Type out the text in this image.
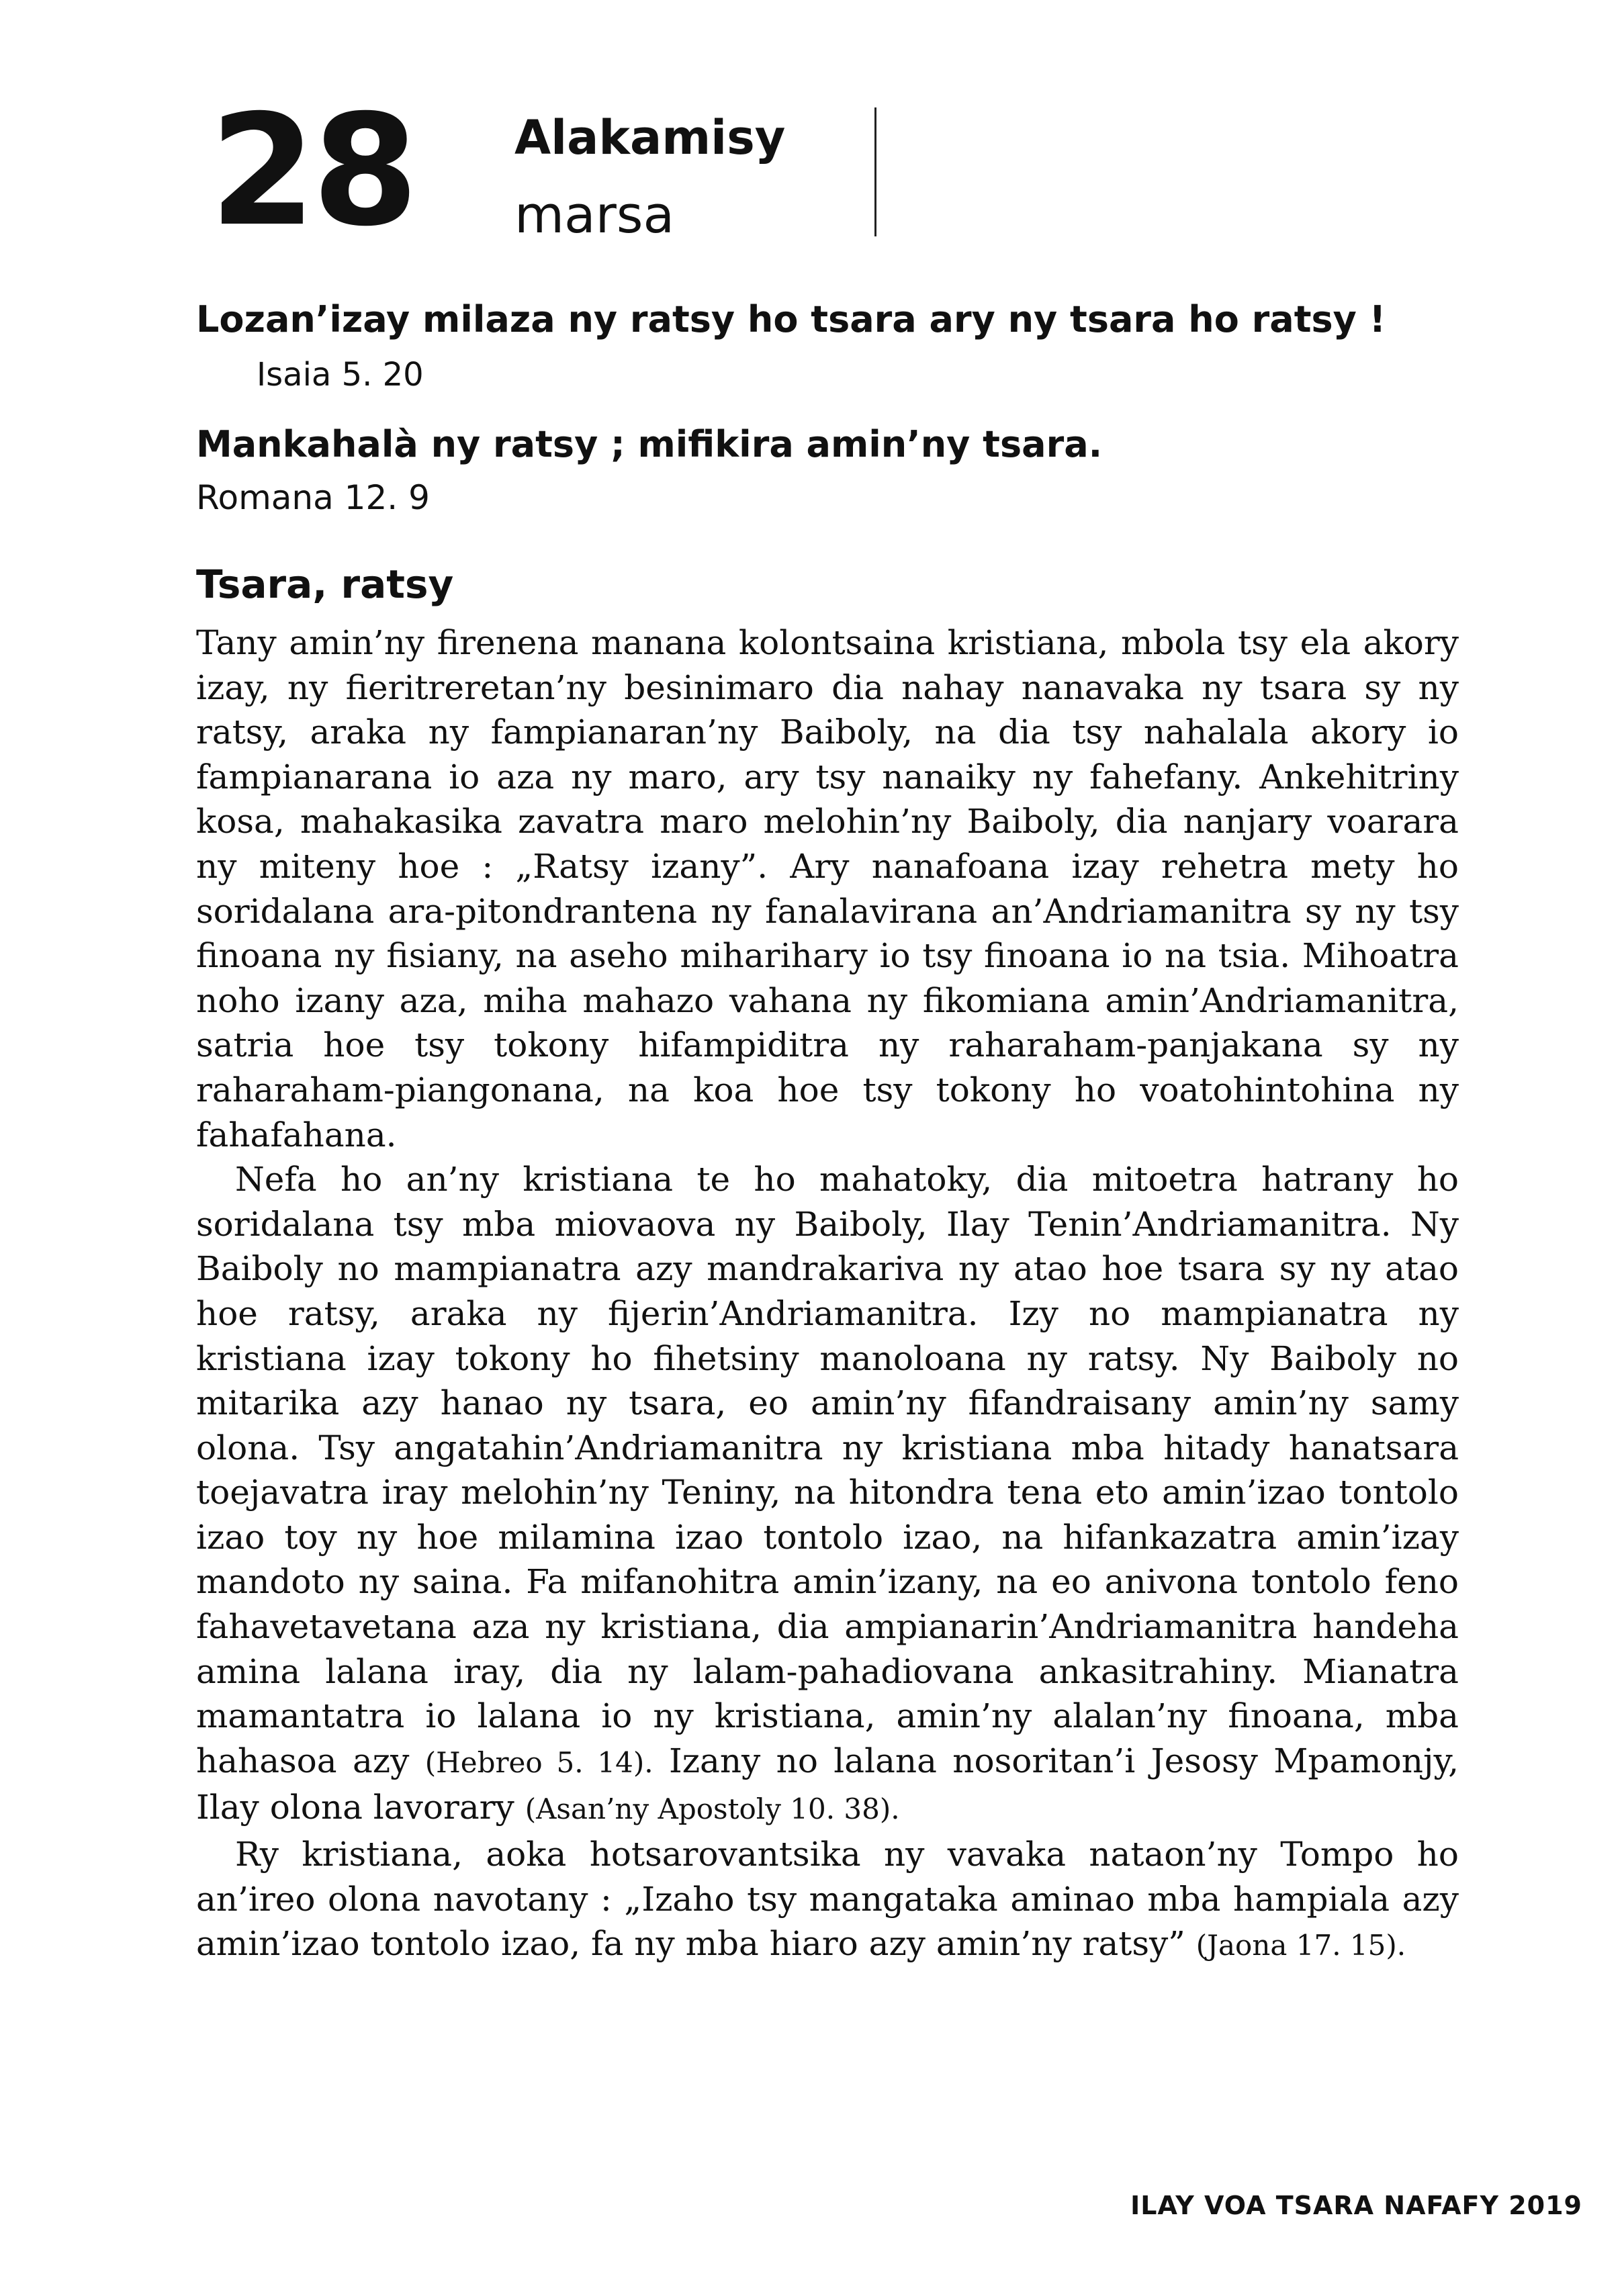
28 Alakamisy
marsa
Lozan’izay milaza ny ratsy ho tsara ary ny tsara ho ratsy ! Isaia 5. 20
Mankahalà ny ratsy ; mifikira amin’ny tsara.
Romana 12. 9
Tsara, ratsy

Tany amin’ny firenena manana kolontsaina kristiana, mbola tsy ela akory izay, ny fieritreretan’ny besinimaro dia nahay nanavaka ny tsara sy ny ratsy, araka ny fampianaran’ny Baiboly, na dia tsy nahalala akory io fampianarana io aza ny maro, ary tsy nanaiky ny fahefany. Ankehitriny kosa, mahakasika zavatra maro melohin’ny Baiboly, dia nanjary voarara ny miteny hoe : „Ratsy izany”. Ary nanafoana izay rehetra mety ho soridalana ara-pitondrantena ny fanalavirana an’Andriamanitra sy ny tsy finoana ny fisiany, na aseho miharihary io tsy finoana io na tsia. Mihoatra noho izany aza, miha mahazo vahana ny fikomiana amin’Andriamanitra, satria hoe tsy tokony hifampiditra ny raharaham-panjakana sy ny raharaham-piangonana, na koa hoe tsy tokony ho voatohintohina ny fahafahana.

Nefa ho an’ny kristiana te ho mahatoky, dia mitoetra hatrany ho soridalana tsy mba miovaova ny Baiboly, Ilay Tenin’Andriamanitra. Ny Baiboly no mampianatra azy mandrakariva ny atao hoe tsara sy ny atao hoe ratsy, araka ny fijerin’Andriamanitra. Izy no mampianatra ny kristiana izay tokony ho fihetsiny manoloana ny ratsy. Ny Baiboly no mitarika azy hanao ny tsara, eo amin’ny fifandraisany amin’ny samy olona. Tsy angatahin’Andriamanitra ny kristiana mba hitady hanatsara toejavatra iray melohin’ny Teniny, na hitondra tena eto amin’izao tontolo izao toy ny hoe milamina izao tontolo izao, na hifankazatra amin’izay mandoto ny saina. Fa mifanohitra amin’izany, na eo anivona tontolo feno fahavetavetana aza ny kristiana, dia ampianarin’Andriamanitra handeha amina lalana iray, dia ny lalam-pahadiovana ankasitrahiny. Mianatra mamantatra io lalana io ny kristiana, amin’ny alalan’ny finoana, mba hahasoa azy (Hebreo 5. 14). Izany no lalana nosoritan’i Jesosy Mpamonjy, Ilay olona lavorary (Asan’ny Apostoly 10. 38).

Ry kristiana, aoka hotsarovantsika ny vavaka nataon’ny Tompo ho an’ireo olona navotany : „Izaho tsy mangataka aminao mba hampiala azy amin’izao tontolo izao, fa ny mba hiaro azy amin’ny ratsy” (Jaona 17. 15).

ILAY VOA TSARA NAFAFY 2019
